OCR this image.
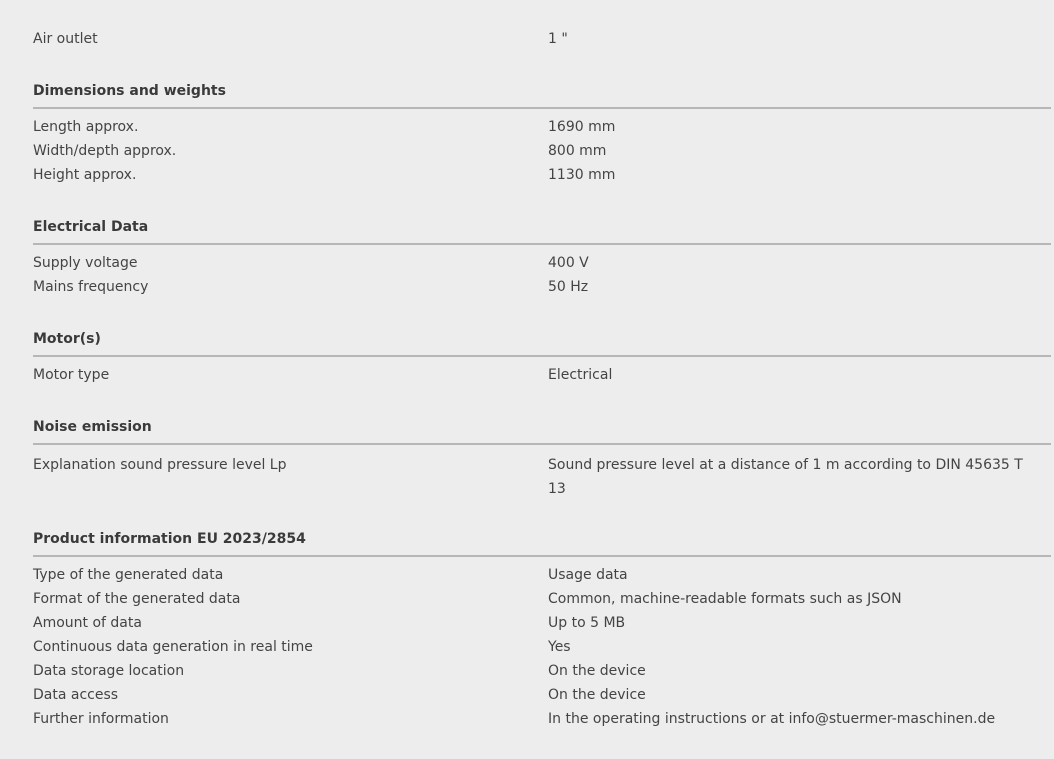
Air outlet	1 "
Dimensions and weights
Length approx.	1690 mm
Width/depth approx.	800 mm
Height approx.	1130 mm
Electrical Data
Supply voltage	400 V
Mains frequency	50 Hz
Motor(s)
Motor type	Electrical
Noise emission
Explanation sound pressure level Lp	Sound pressure level at a distance of 1 m according to DIN 45635 T 13
Product information EU 2023/2854
Type of the generated data	Usage data
Format of the generated data	Common, machine-readable formats such as JSON
Amount of data	Up to 5 MB
Continuous data generation in real time	Yes
Data storage location	On the device
Data access	On the device
Further information	In the operating instructions or at info@stuermer-maschinen.de
